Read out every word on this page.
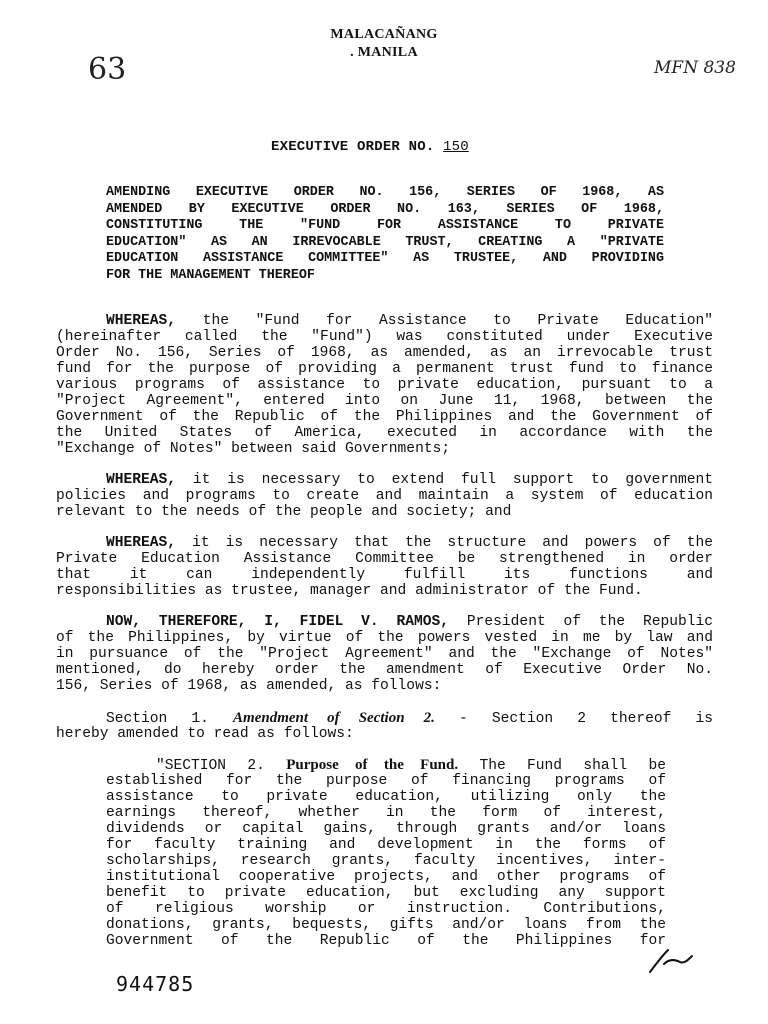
MALACAÑANG
. MANILA
63	MFN 838
EXECUTIVE ORDER NO. 150
AMENDING EXECUTIVE ORDER NO. 156, SERIES OF 1968, AS
AMENDED BY EXECUTIVE ORDER NO. 163, SERIES OF 1968,
CONSTITUTING THE "FUND FOR ASSISTANCE TO PRIVATE
EDUCATION" AS AN IRREVOCABLE TRUST, CREATING A "PRIVATE
EDUCATION ASSISTANCE COMMITTEE" AS TRUSTEE, AND PROVIDING
FOR THE MANAGEMENT THEREOF
WHEREAS, the "Fund for Assistance to Private Education"
(hereinafter called the "Fund") was constituted under Executive
Order No. 156, Series of 1968, as amended, as an irrevocable trust
fund for the purpose of providing a permanent trust fund to finance
various programs of assistance to private education, pursuant to a
"Project Agreement", entered into on June 11, 1968, between the
Government of the Republic of the Philippines and the Government of
the United States of America, executed in accordance with the
"Exchange of Notes" between said Governments;
WHEREAS, it is necessary to extend full support to government
policies and programs to create and maintain a system of education
relevant to the needs of the people and society; and
WHEREAS, it is necessary that the structure and powers of the
Private Education Assistance Committee be strengthened in order
that it can independently fulfill its functions and
responsibilities as trustee, manager and administrator of the Fund.
NOW, THEREFORE, I, FIDEL V. RAMOS, President of the Republic
of the Philippines, by virtue of the powers vested in me by law and
in pursuance of the "Project Agreement" and the "Exchange of Notes"
mentioned, do hereby order the amendment of Executive Order No.
156, Series of 1968, as amended, as follows:
Section 1. Amendment of Section 2. - Section 2 thereof is
hereby amended to read as follows:
"SECTION 2. Purpose of the Fund. The Fund shall be
established for the purpose of financing programs of
assistance to private education, utilizing only the
earnings thereof, whether in the form of interest,
dividends or capital gains, through grants and/or loans
for faculty training and development in the forms of
scholarships, research grants, faculty incentives, inter-
institutional cooperative projects, and other programs of
benefit to private education, but excluding any support
of religious worship or instruction. Contributions,
donations, grants, bequests, gifts and/or loans from the
Government of the Republic of the Philippines for
944785
